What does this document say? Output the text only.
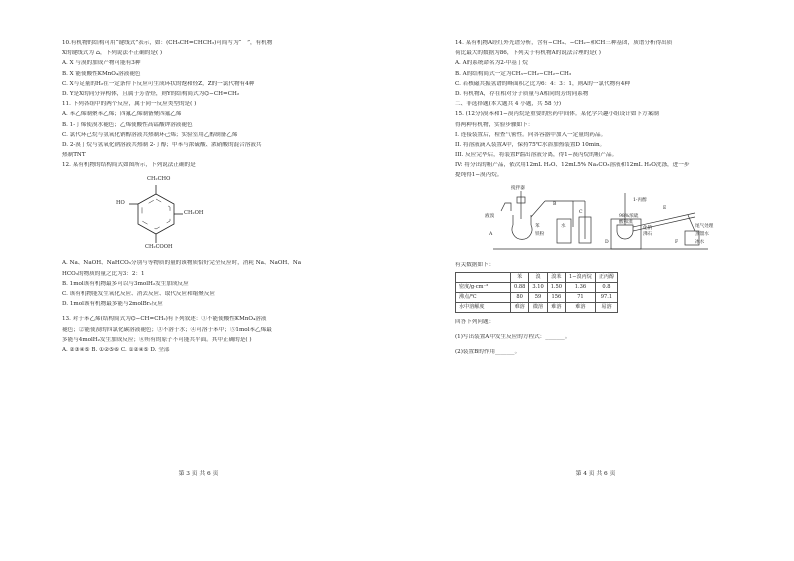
10.有机物的结构可用“键线式”表示，如：(CH₃CH=CHCH₃)可简写为“⌒”，有机物
X的键线式为 ⌂，下列说法不正确的是( )
A. X 与溴的加成产物可能有3种
B. X 能使酸性KMnO₄溶液褪色
C. X与足量的H₂在一定条件下反应可生成环状的饱和烃Z，Z的一氯代物有4种
D. Y是X的同分异构体，且属于芳香烃，则Y的结构简式为⌬−CH=CH₂
11. 下列各组中的两个反应，属于同一反应类型的是( )
A. 苯乙烯制聚苯乙烯；四氟乙烯制备聚四氟乙烯
B. 1-丁烯使溴水褪色；乙烯使酸性高锰酸钾溶液褪色
C. 氯代环己烷与氢氧化钠醇溶液共热制环己烯；实验室用乙醇制备乙烯
D. 2-溴丁烷与氢氧化钠溶液共热制 2-丁醇；甲苯与浓硫酸、浓硝酸的混合溶液共
热制TNT
12. 某有机物的结构简式如图所示，下列说法正确的是
CH₂CHO
HO
CH₂OH
CH₂COOH
A. Na、NaOH、NaHCO₃分别与等物质的量的该物质恰好完全反应时，消耗 Na、NaOH、Na
HCO₃的物质的量之比为3：2：1
B. 1mol该有机物最多可以与3molH₂发生加成反应
C. 该有机物能发生氧化反应、消去反应、取代反应和缩聚反应
D. 1mol该有机物最多能与2molBr₂反应
13. 对于苯乙烯(结构简式为⌬−CH=CH₂)有下列叙述：①不能使酸性KMnO₄溶液
褪色；②能使溴的四氯化碳溶液褪色；③不溶于水；④可溶于苯中；⑤1mol苯乙烯最
多能与4molH₂发生加成反应；⑥所有的原子不可能共平面。其中正确的是( )
A. ②③④⑤ B. ①②⑤⑥ C. ①②④⑤ D. 全部
第 3 页 共 6 页
14. 某有机物A经红外光谱分析，含有−CH₃、−CH₂−和CH三种基团，质谱分析得出质
荷比最大的数据为86，下列关于有机物A的说法合理的是( )
A. A的系统命名为2-甲基丁烷
B. A的结构简式一定为CH₃−CH₂−CH₂−CH₃
C. 若核磁共振氢谱的峰面积之比为6：4：3：1，则A的一氯代物有4种
D. 有机物A，存在相对分子质量与A相同的芳的同系物
二、非选择题(本大题共 4 小题，共 58 分)
15. (12分)溴苯和1−溴丙烷是重要的医药中间体。某化学兴趣小组设计如下方案制
得两种有机物，实验步骤如下：
I. 连接装置后，检查气密性。向各容器中加入一定量的药品。
II. 将溶液滴入装置A中，保持75℃水浴加热装置D 10min。
III. 反应完毕后，将装置F馏出溶液分离，得1−溴丙烷的粗产品。
IV: 将分出的粗产品，依次用12mL H₂O、12mL5% Na₂CO₃溶液和12mL H₂O洗涤，进一步
提纯得1−溴丙烷。
搅拌器
液溴
A
B
C
D
E
F
水
苯
铁粉
1-丙醇
98%浓硫
酸和溴
化钠
沸石
尾气处理
蒸馏水
冰水
有关数据如下：
	苯	溴	溴苯	1−溴丙烷	正丙醇
密度/g·cm⁻³	0.88	3.10	1.50	1.36	0.8
沸点/℃	80	59	156	71	97.1
水中溶解度	难溶	微溶	难溶	难溶	易溶
回答下列问题：
(1)写出装置A中发生反应的方程式：_______。
(2)装置B的作用_______。
第 4 页 共 6 页
